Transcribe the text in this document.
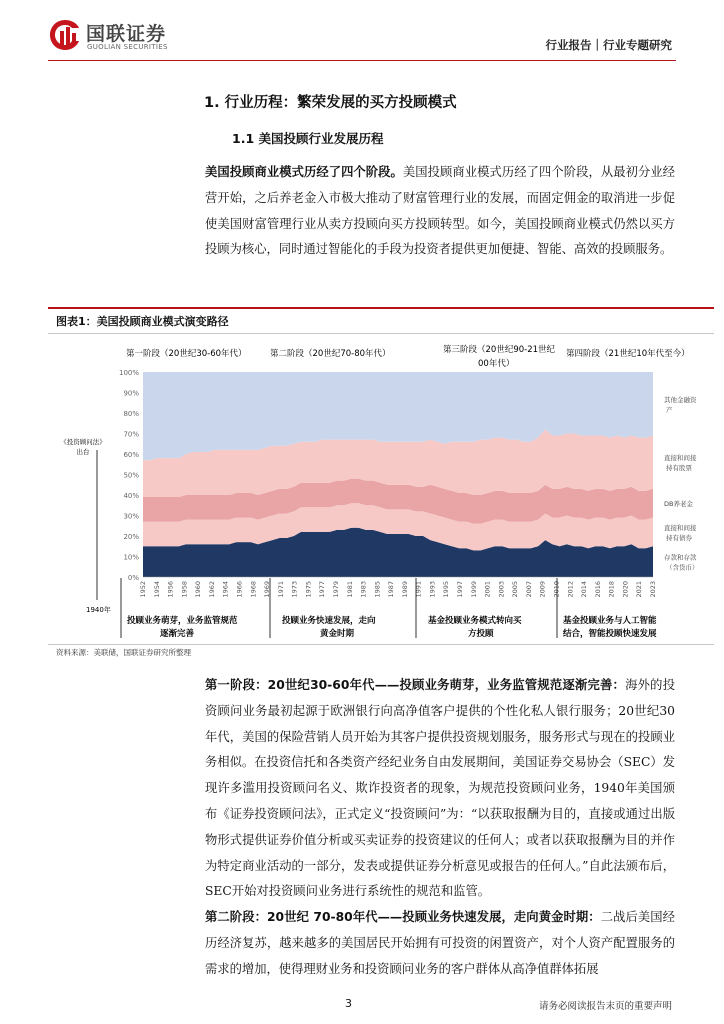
国联证券
GUOLIAN SECURITIES	行业报告｜行业专题研究
1. 行业历程：繁荣发展的买方投顾模式
1.1 美国投顾行业发展历程

美国投顾商业模式历经了四个阶段。美国投顾商业模式历经了四个阶段，从最初分业经营开始，之后养老金入市极大推动了财富管理行业的发展，而固定佣金的取消进一步促使美国财富管理行业从卖方投顾向买方投顾转型。如今，美国投顾商业模式仍然以买方投顾为核心，同时通过智能化的手段为投资者提供更加便捷、智能、高效的投顾服务。

图表1：美国投顾商业模式演变路径
第一阶段（20世纪30-60年代）	第二阶段（20世纪70-80年代）	第三阶段（20世纪90-21世纪
00年代）
第四阶段（21世纪10年代至今）
0%
10%
20%
30%
40%
50%
60%
70%
80%
90%
100%
1952 1954 1956 1958 1960 1962 1964 1966 1968 1969 1971 1973 1975 1977 1979 1981 1983 1985 1987 1989 1991 1993 1995 1997 1999 2001 2003 2005 2007 2009 2010 2012 2014 2016 2018 2020 2021 2023
存款和存款
（含货币）
直接和间接
持有债券
DB养老金
直接和间接
持有股票
其他金融资
产
《投资顾问法》
出台
1940年
投顾业务萌芽，业务监管规范
逐渐完善
投顾业务快速发展，走向
黄金时期
基金投顾业务模式转向买
方投顾
基金投顾业务与人工智能
结合，智能投顾快速发展
资料来源：美联储，国联证券研究所整理

第一阶段：20世纪30-60年代——投顾业务萌芽，业务监管规范逐渐完善：海外的投资顾问业务最初起源于欧洲银行向高净值客户提供的个性化私人银行服务；20世纪30年代，美国的保险营销人员开始为其客户提供投资规划服务，服务形式与现在的投顾业务相似。在投资信托和各类资产经纪业务自由发展期间，美国证券交易协会（SEC）发现许多滥用投资顾问名义、欺诈投资者的现象，为规范投资顾问业务，1940年美国颁布《证券投资顾问法》，正式定义“投资顾问”为：“以获取报酬为目的，直接或通过出版物形式提供证券价值分析或买卖证券的投资建议的任何人；或者以获取报酬为目的并作为特定商业活动的一部分，发表或提供证券分析意见或报告的任何人。”自此法颁布后，SEC开始对投资顾问业务进行系统性的规范和监管。

第二阶段：20世纪 70-80年代——投顾业务快速发展，走向黄金时期：二战后美国经历经济复苏，越来越多的美国居民开始拥有可投资的闲置资产，对个人资产配置服务的需求的增加，使得理财业务和投资顾问业务的客户群体从高净值群体拓展

3	请务必阅读报告末页的重要声明
